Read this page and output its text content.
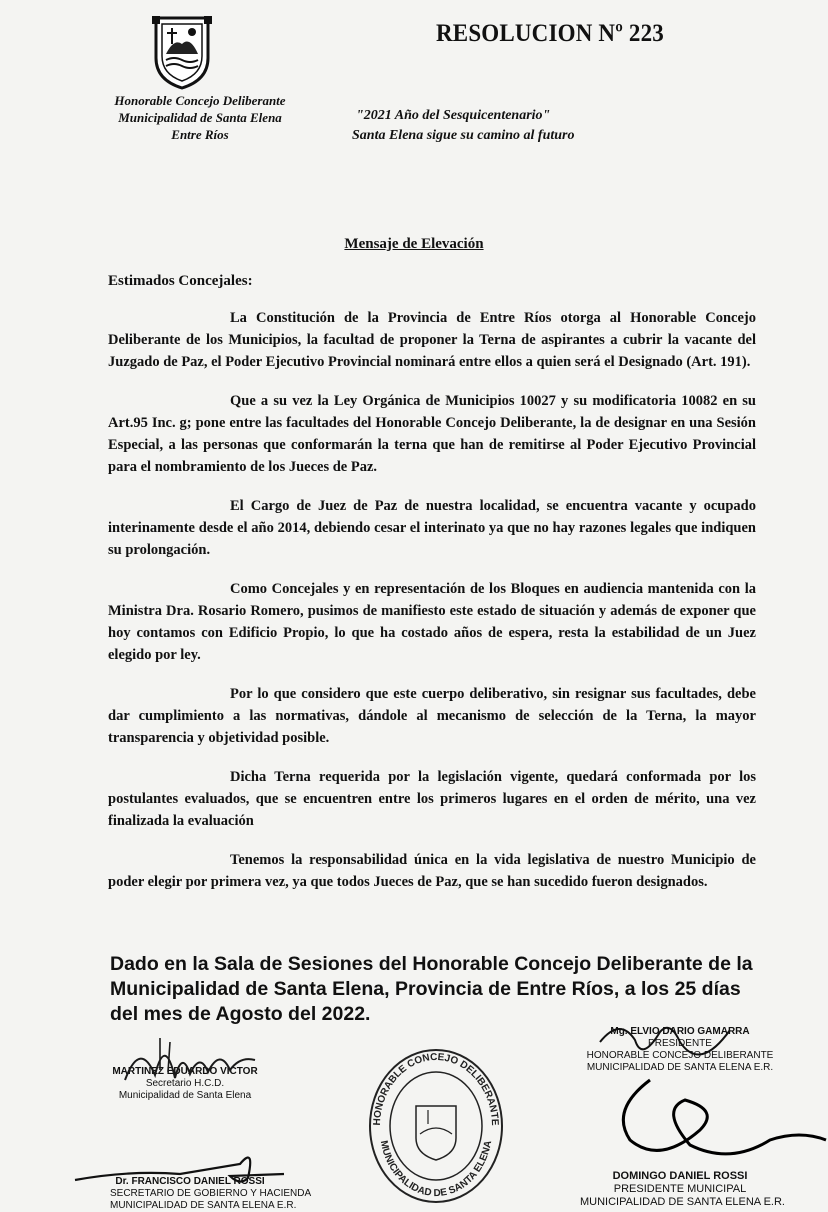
Honorable Concejo Deliberante
Municipalidad de Santa Elena
Entre Ríos
RESOLUCION Nº 223
"2021 Año del Sesquicentenario"
Santa Elena sigue su camino al futuro
Mensaje de Elevación
Estimados Concejales:

La Constitución de la Provincia de Entre Ríos otorga al Honorable Concejo Deliberante de los Municipios, la facultad de proponer la Terna de aspirantes a cubrir la vacante del Juzgado de Paz, el Poder Ejecutivo Provincial nominará entre ellos a quien será el Designado (Art. 191).

Que a su vez la Ley Orgánica de Municipios 10027 y su modificatoria 10082 en su Art.95 Inc. g; pone entre las facultades del Honorable Concejo Deliberante, la de designar en una Sesión Especial, a las personas que conformarán la terna que han de remitirse al Poder Ejecutivo Provincial para el nombramiento de los Jueces de Paz.

El Cargo de Juez de Paz de nuestra localidad, se encuentra vacante y ocupado interinamente desde el año 2014, debiendo cesar el interinato ya que no hay razones legales que indiquen su prolongación.

Como Concejales y en representación de los Bloques en audiencia mantenida con la Ministra Dra. Rosario Romero, pusimos de manifiesto este estado de situación y además de exponer que hoy contamos con Edificio Propio, lo que ha costado años de espera, resta la estabilidad de un Juez elegido por ley.

Por lo que considero que este cuerpo deliberativo, sin resignar sus facultades, debe dar cumplimiento a las normativas, dándole al mecanismo de selección de la Terna, la mayor transparencia y objetividad posible.

Dicha Terna requerida por la legislación vigente, quedará conformada por los postulantes evaluados, que se encuentren entre los primeros lugares en el orden de mérito, una vez finalizada la evaluación

Tenemos la responsabilidad única en la vida legislativa de nuestro Municipio de poder elegir por primera vez, ya que todos Jueces de Paz, que se han sucedido fueron designados.

Dado en la Sala de Sesiones del Honorable Concejo Deliberante de la Municipalidad de Santa Elena, Provincia de Entre Ríos, a los 25 días del mes de Agosto del 2022.
MARTINEZ EDUARDO VICTOR
Secretario H.C.D.
Municipalidad de Santa Elena
Dr. FRANCISCO DANIEL ROSSI
SECRETARIO DE GOBIERNO Y HACIENDA
MUNICIPALIDAD DE SANTA ELENA E.R.
HONORABLE CONCEJO DELIBERANTE
MUNICIPALIDAD DE SANTA ELENA
Mg. ELVIO DARIO GAMARRA
PRESIDENTE
HONORABLE CONCEJO DELIBERANTE
MUNICIPALIDAD DE SANTA ELENA E.R.
DOMINGO DANIEL ROSSI
PRESIDENTE MUNICIPAL
MUNICIPALIDAD DE SANTA ELENA E.R.
